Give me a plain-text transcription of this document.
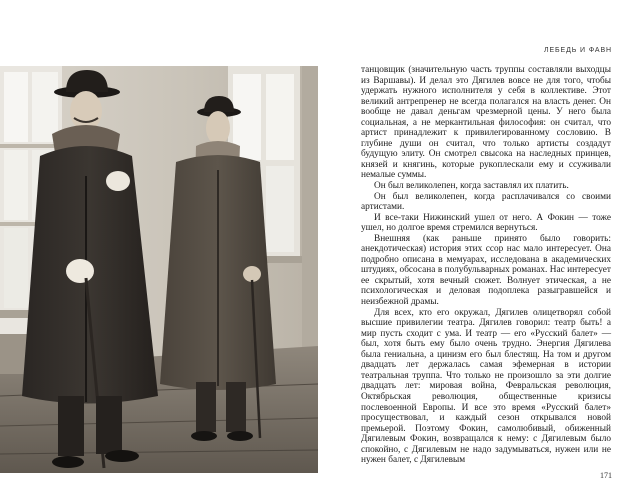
ЛЕБЕДЬ И ФАВН

танцовщик (значительную часть труппы составляли выходцы из Варшавы). И делал это Дягилев вовсе не для того, чтобы удержать нужного исполнителя у себя в коллективе. Этот великий антрепренер не всегда полагался на власть денег. Он вообще не давал деньгам чрезмерной цены. У него была социальная, а не меркантильная философия: он считал, что артист принадлежит к привилегированному сословию. В глубине души он считал, что только артисты создадут будущую элиту. Он смотрел свысока на наследных принцев, князей и княгинь, которые рукоплескали ему и ссуживали немалые суммы.

Он был великолепен, когда заставлял их платить.

Он был великолепен, когда расплачивался со своими артистами.

И все-таки Нижинский ушел от него. А Фокин — тоже ушел, но долгое время стремился вернуться.

Внешняя (как раньше принято было говорить: анекдотическая) история этих ссор нас мало интересует. Она подробно описана в мемуарах, исследована в академических штудиях, обсосана в полубульварных романах. Нас интересует ее скрытый, хотя вечный сюжет. Волнует этическая, а не психологическая и деловая подоплека разыгравшейся и неизбежной драмы.

Для всех, кто его окружал, Дягилев олицетворял собой высшие привилегии театра. Дягилев говорил: театр быть! а мир пусть сходит с ума. И театр — его «Русский балет» — был, хотя быть ему было очень трудно. Энергия Дягилева была гениальна, а цинизм его был блестящ. На том и другом двадцать лет держалась самая эфемерная в истории театральная труппа. Что только не произошло за эти долгие двадцать лет: мировая война, Февральская революция, Октябрьская революция, общественные кризисы послевоенной Европы. И все это время «Русский балет» просуществовал, и каждый сезон открывался новой премьерой. Поэтому Фокин, самолюбивый, обиженный Дягилевым Фокин, возвращался к нему: с Дягилевым было спокойно, с Дягилевым не надо задумываться, нужен или не нужен балет, с Дягилевым

171
